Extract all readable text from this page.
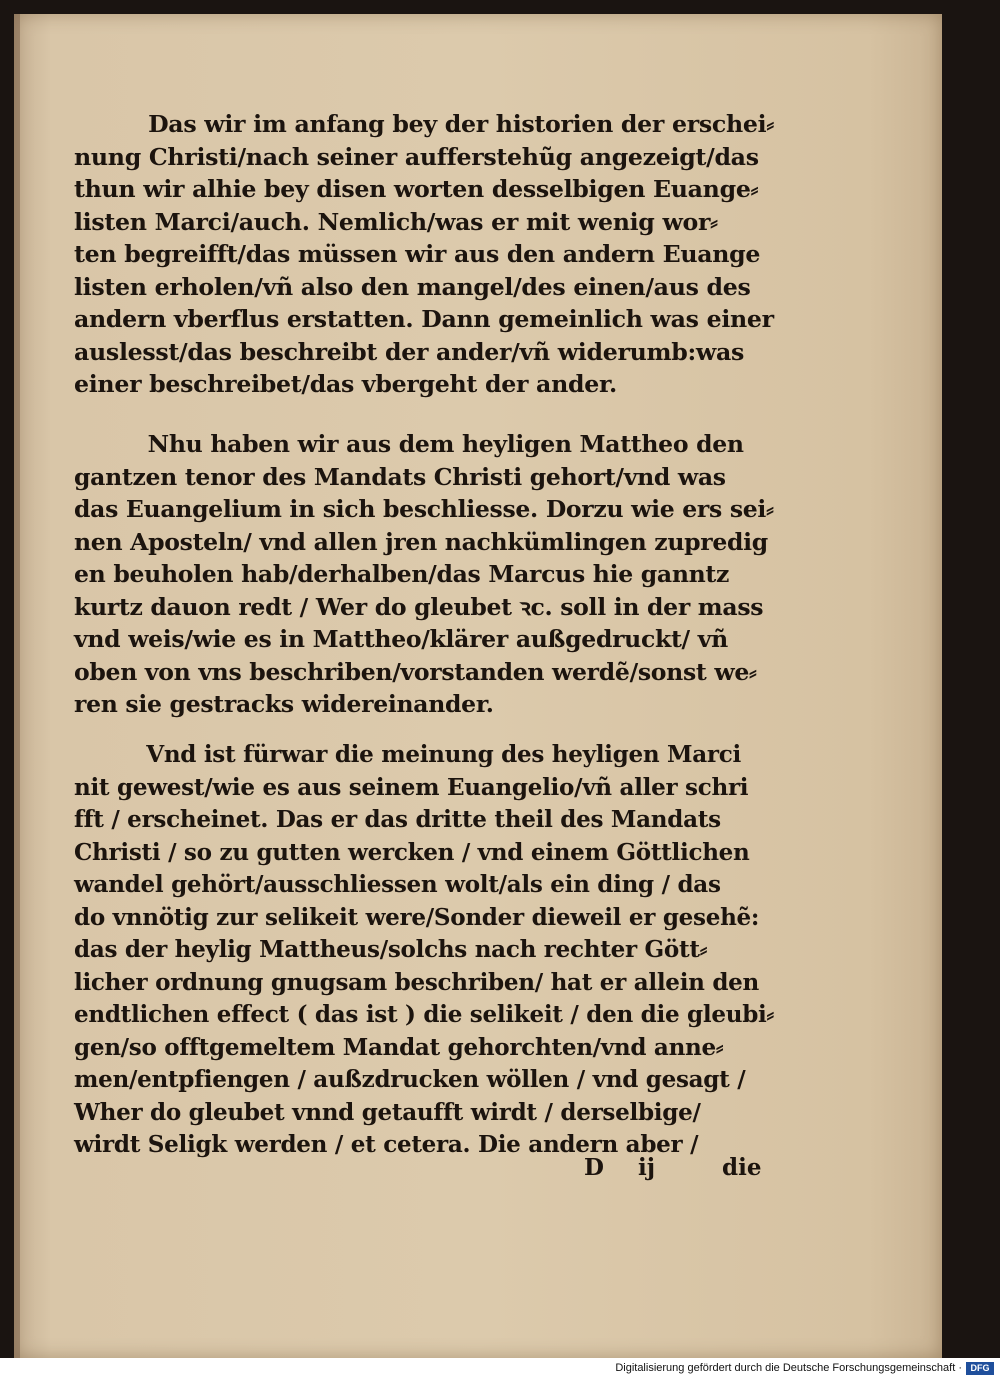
Das wir im anfang bey der historien der erschei⸗
nung Christi/nach seiner aufferstehũg angezeigt/das
thun wir alhie bey disen worten desselbigen Euange⸗
listen Marci/auch. Nemlich/was er mit wenig wor⸗
ten begreifft/das müssen wir aus den andern Euange
listen erholen/vñ also den mangel/des einen/aus des
andern vberflus erstatten. Dann gemeinlich was einer
auslesst/das beschreibt der ander/vñ widerumb:was
einer beschreibet/das vbergeht der ander.
Nhu haben wir aus dem heyligen Mattheo den
gantzen tenor des Mandats Christi gehort/vnd was
das Euangelium in sich beschliesse. Dorzu wie ers sei⸗
nen Aposteln/ vnd allen jren nachkümlingen zupredig
en beuholen hab/derhalben/das Marcus hie ganntz
kurtz dauon redt / Wer do gleubet ꝛc. soll in der mass
vnd weis/wie es in Mattheo/klärer außgedruckt/ vñ
oben von vns beschriben/vorstanden werdẽ/sonst we⸗
ren sie gestracks widereinander.
Vnd ist fürwar die meinung des heyligen Marci
nit gewest/wie es aus seinem Euangelio/vñ aller schri
fft / erscheinet. Das er das dritte theil des Mandats
Christi / so zu gutten wercken / vnd einem Göttlichen
wandel gehört/ausschliessen wolt/als ein ding / das
do vnnötig zur selikeit were/Sonder dieweil er gesehẽ:
das der heylig Mattheus/solchs nach rechter Gött⸗
licher ordnung gnugsam beschriben/ hat er allein den
endtlichen effect ( das ist ) die selikeit / den die gleubi⸗
gen/so offtgemeltem Mandat gehorchten/vnd anne⸗
men/entpfiengen / außzdrucken wöllen / vnd gesagt /
Wher do gleubet vnnd getaufft wirdt / derselbige/
wirdt Seligk werden / et cetera. Die andern aber /
D ij	die
Digitalisierung gefördert durch die Deutsche Forschungsgemeinschaft · DFG
